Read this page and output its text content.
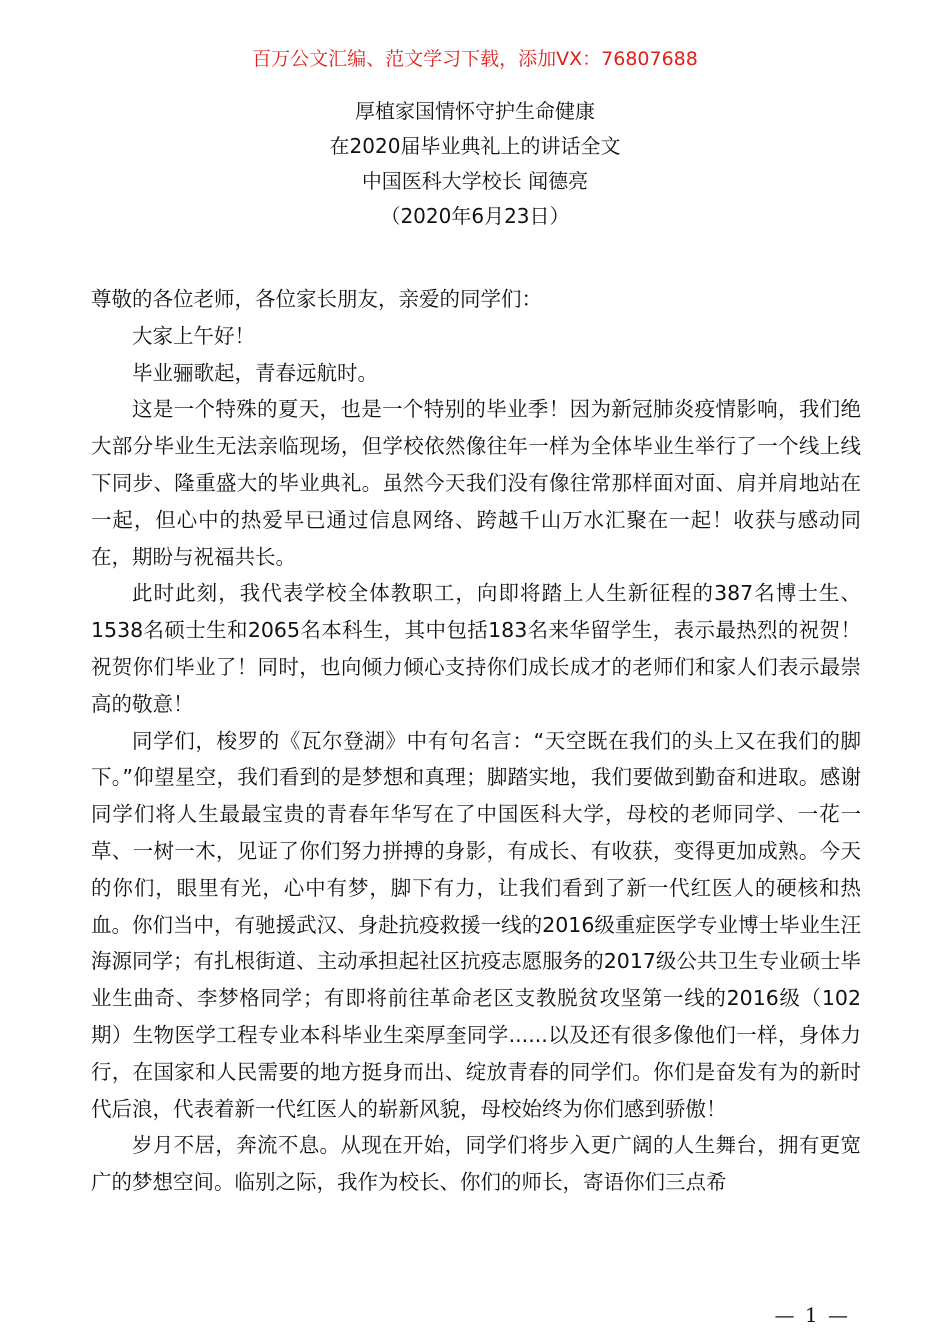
百万公文汇编、范文学习下载，添加VX：76807688
厚植家国情怀守护生命健康
在2020届毕业典礼上的讲话全文
中国医科大学校长 闻德亮
（2020年6月23日）

尊敬的各位老师，各位家长朋友，亲爱的同学们：

大家上午好！

毕业骊歌起，青春远航时。

这是一个特殊的夏天，也是一个特别的毕业季！因为新冠肺炎疫情影响，我们绝大部分毕业生无法亲临现场，但学校依然像往年一样为全体毕业生举行了一个线上线下同步、隆重盛大的毕业典礼。虽然今天我们没有像往常那样面对面、肩并肩地站在一起，但心中的热爱早已通过信息网络、跨越千山万水汇聚在一起！收获与感动同在，期盼与祝福共长。

此时此刻，我代表学校全体教职工，向即将踏上人生新征程的387名博士生、1538名硕士生和2065名本科生，其中包括183名来华留学生，表示最热烈的祝贺！祝贺你们毕业了！同时，也向倾力倾心支持你们成长成才的老师们和家人们表示最崇高的敬意！

同学们，梭罗的《瓦尔登湖》中有句名言：“天空既在我们的头上又在我们的脚下。”仰望星空，我们看到的是梦想和真理；脚踏实地，我们要做到勤奋和进取。感谢同学们将人生最最宝贵的青春年华写在了中国医科大学，母校的老师同学、一花一草、一树一木，见证了你们努力拼搏的身影，有成长、有收获，变得更加成熟。今天的你们，眼里有光，心中有梦，脚下有力，让我们看到了新一代红医人的硬核和热血。你们当中，有驰援武汉、身赴抗疫救援一线的2016级重症医学专业博士毕业生汪海源同学；有扎根街道、主动承担起社区抗疫志愿服务的2017级公共卫生专业硕士毕业生曲奇、李梦格同学；有即将前往革命老区支教脱贫攻坚第一线的2016级（102期）生物医学工程专业本科毕业生栾厚奎同学......以及还有很多像他们一样，身体力行，在国家和人民需要的地方挺身而出、绽放青春的同学们。你们是奋发有为的新时代后浪，代表着新一代红医人的崭新风貌，母校始终为你们感到骄傲！

岁月不居，奔流不息。从现在开始，同学们将步入更广阔的人生舞台，拥有更宽广的梦想空间。临别之际，我作为校长、你们的师长，寄语你们三点希

— 1 —
